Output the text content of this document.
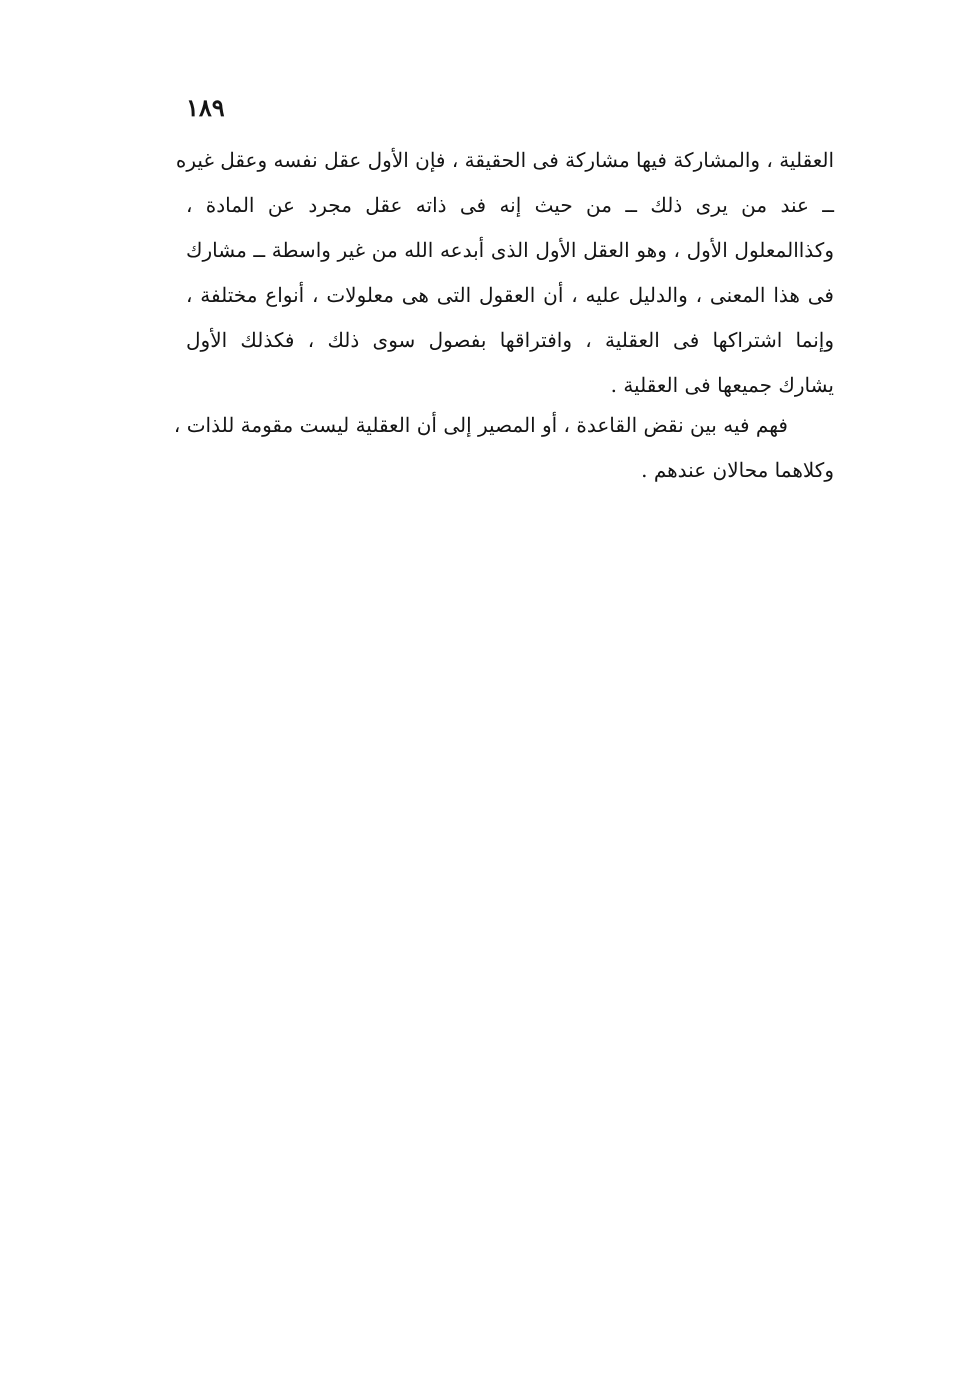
١٨٩
العقلية ، والمشاركة فيها مشاركة فى الحقيقة ، فإن الأول عقل نفسه وعقل غيره
ــ عند من يرى ذلك ــ من حيث إنه فى ذاته عقل مجرد عن المادة ،
وكذاالمعلول الأول ، وهو العقل الأول الذى أبدعه الله من غير واسطة ــ مشارك
فى هذا المعنى ، والدليل عليه ، أن العقول التى هى معلولات ، أنواع مختلفة ،
وإنما اشتراكها فى العقلية ، وافتراقها بفصول سوى ذلك ، فكذلك الأول
يشارك جميعها فى العقلية .
فهم فيه بين نقض القاعدة ، أو المصير إلى أن العقلية ليست مقومة للذات ،
وكلاهما محالان عندهم .
